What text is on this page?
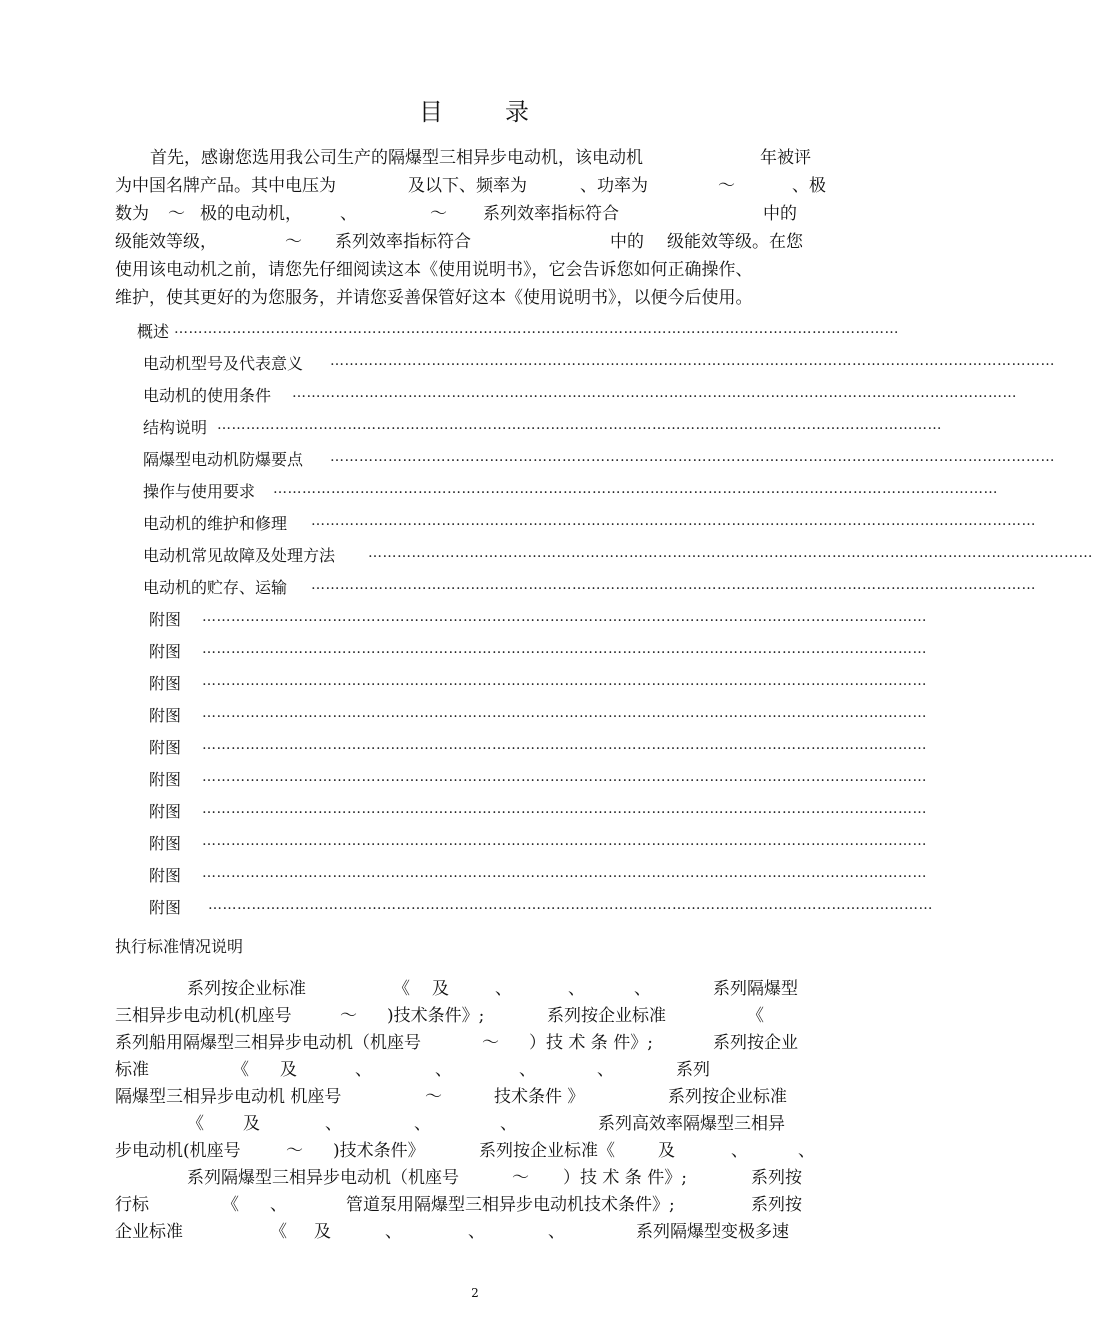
目	录
首先，感谢您选用我公司生产的隔爆型三相异步电动机，该电动机	年被评
为中国名牌产品。其中电压为	及以下、频率为	、功率为	～	、极
数为 ～ 极的电动机， 、	～ 系列效率指标符合	中的
级能效等级，	～ 系列效率指标符合	中的 级能效等级。在您
使用该电动机之前，请您先仔细阅读这本《使用说明书》，它会告诉您如何正确操作、
维护，使其更好的为您服务，并请您妥善保管好这本《使用说明书》，以便今后使用。
概述 ……………………………………………………………………………………………………………………………………
电动机型号及代表意义 ……………………………………………………………………………………………………………………………………
电动机的使用条件 ……………………………………………………………………………………………………………………………………
结构说明 ……………………………………………………………………………………………………………………………………
隔爆型电动机防爆要点 ……………………………………………………………………………………………………………………………………
操作与使用要求 ……………………………………………………………………………………………………………………………………
电动机的维护和修理 ……………………………………………………………………………………………………………………………………
电动机常见故障及处理方法 ……………………………………………………………………………………………………………………………………
电动机的贮存、运输 ……………………………………………………………………………………………………………………………………
附图 ……………………………………………………………………………………………………………………………………
附图 ……………………………………………………………………………………………………………………………………
附图 ……………………………………………………………………………………………………………………………………
附图 ……………………………………………………………………………………………………………………………………
附图 ……………………………………………………………………………………………………………………………………
附图 ……………………………………………………………………………………………………………………………………
附图 ……………………………………………………………………………………………………………………………………
附图 ……………………………………………………………………………………………………………………………………
附图 ……………………………………………………………………………………………………………………………………
附图 ……………………………………………………………………………………………………………………………………
执行标准情况说明
系列按企业标准	《 及	、	、	、	系列隔爆型
三相异步电动机(机座号	～ )技术条件》;	系列按企业标准	《
系列船用隔爆型三相异步电动机（机座号	～ ）技 术 条 件》;	系列按企业
标准	《 及	、	、	、	、	系列
隔爆型三相异步电动机 机座号	～	技术条件 》	系列按企业标准
《 及	、	、	、	系列高效率隔爆型三相异
步电动机(机座号	～ )技术条件》	系列按企业标准《	及	、	、
系列隔爆型三相异步电动机（机座号	～ ）技 术 条 件》;	系列按
行标	《 、	管道泵用隔爆型三相异步电动机技术条件》;	系列按
企业标准	《 及	、	、	、	系列隔爆型变极多速
2
